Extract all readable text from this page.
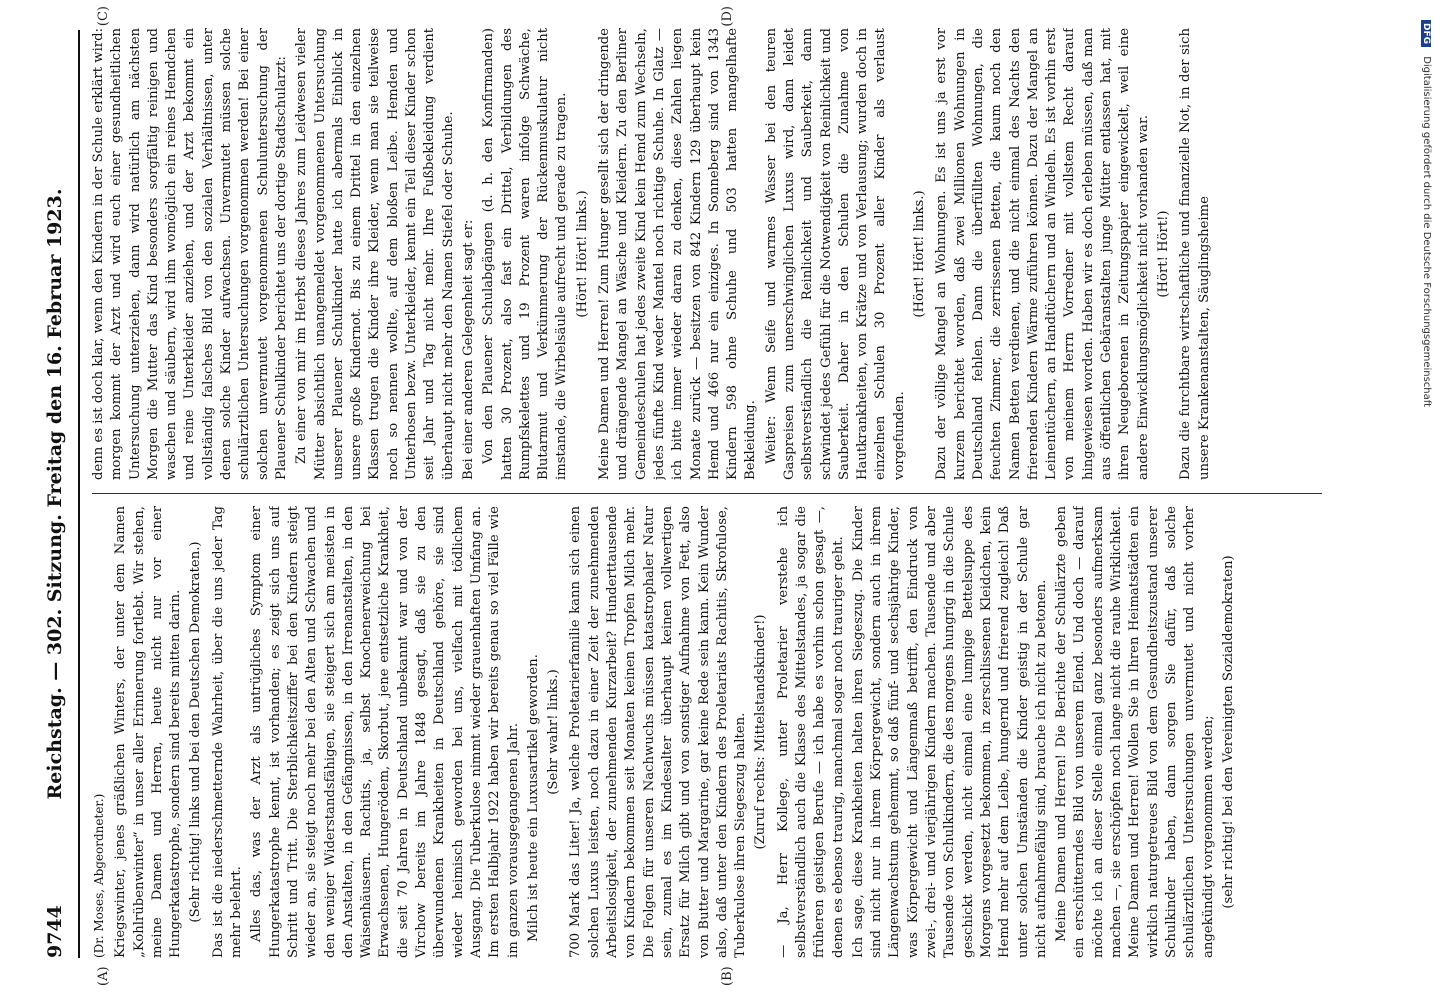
9744
Reichstag. — 302. Sitzung. Freitag den 16. Februar 1923.
(A)	(B)
(C)	(D)

(Dr. Moses, Abgeordneter.) Kriegswinter, jenes gräßlichen Winters, der unter dem Namen „Kohlrübenwinter“ in unser aller Erinnerung fortlebt. Wir stehen, meine Damen und Herren, heute nicht nur vor einer Hungerkatastrophe, sondern sind bereits mitten darin. (Sehr richtig! links und bei den Deutschen Demokraten.) Das ist die niederschmetternde Wahrheit, über die uns jeder Tag mehr belehrt. Alles das, was der Arzt als untrügliches Symptom einer Hungerkatastrophe kennt, ist vorhanden; es zeigt sich uns auf Schritt und Tritt. Die Sterblichkeitsziffer bei den Kindern steigt wieder an, sie steigt noch mehr bei den Alten und Schwachen und den weniger Widerstandsfähigen, sie steigert sich am meisten in den Anstalten, in den Gefängnissen, in den Irrenanstalten, in den Waisenhäusern. Rachitis, ja, selbst Knochenerweichung bei Erwachsenen, Hungerödem, Skorbut, jene entsetzliche Krankheit, die seit 70 Jahren in Deutschland unbekannt war und von der Virchow bereits im Jahre 1848 gesagt, daß sie zu den überwundenen Krankheiten in Deutschland gehöre, sie sind wieder heimisch geworden bei uns, vielfach mit tödlichem Ausgang. Die Tuberkulose nimmt wieder grauenhaften Umfang an. Im ersten Halbjahr 1922 haben wir bereits genau so viel Fälle wie im ganzen vorausgegangenen Jahr. Milch ist heute ein Luxusartikel geworden. (Sehr wahr! links.) 700 Mark das Liter! Ja, welche Proletarierfamilie kann sich einen solchen Luxus leisten, noch dazu in einer Zeit der zunehmenden Arbeitslosigkeit, der zunehmenden Kurzarbeit? Hunderttausende von Kindern bekommen seit Monaten keinen Tropfen Milch mehr. Die Folgen für unseren Nachwuchs müssen katastrophaler Natur sein, zumal es im Kindesalter überhaupt keinen vollwertigen Ersatz für Milch gibt und von sonstiger Aufnahme von Fett, also von Butter und Margarine, gar keine Rede sein kann. Kein Wunder also, daß unter den Kindern des Proletariats Rachitis, Skrofulose, Tuberkulose ihren Siegeszug halten. (Zuruf rechts: Mittelstandskinder!) — Ja, Herr Kollege, unter Proletarier verstehe ich selbstverständlich auch die Klasse des Mittelstandes, ja sogar die früheren geistigen Berufe — ich habe es vorhin schon gesagt —, denen es ebenso traurig, manchmal sogar noch trauriger geht. Ich sage, diese Krankheiten halten ihren Siegeszug. Die Kinder sind nicht nur in ihrem Körpergewicht, sondern auch in ihrem Längenwachstum gehemmt, so daß fünf- und sechsjährige Kinder, was Körpergewicht und Längenmaß betrifft, den Eindruck von zwei-, drei- und vierjährigen Kindern machen. Tausende und aber Tausende von Schulkindern, die des morgens hungrig in die Schule geschickt werden, nicht einmal eine lumpige Bettelsuppe des Morgens vorgesetzt bekommen, in zerschlissenen Kleidchen, kein Hemd mehr auf dem Leibe, hungernd und frierend zugleich! Daß unter solchen Umständen die Kinder geistig in der Schule gar nicht aufnahmefähig sind, brauche ich nicht zu betonen. Meine Damen und Herren! Die Berichte der Schulärzte geben ein erschütterndes Bild von unserem Elend. Und doch — darauf möchte ich an dieser Stelle einmal ganz besonders aufmerksam machen —, sie erschöpfen noch lange nicht die rauhe Wirklichkeit. Meine Damen und Herren! Wollen Sie in Ihren Heimatstädten ein wirklich naturgetreues Bild von dem Gesundheitszustand unserer Schulkinder haben, dann sorgen Sie dafür, daß solche schulärztlichen Untersuchungen unvermutet und nicht vorher angekündigt vorgenommen werden; (sehr richtig! bei den Vereinigten Sozialdemokraten)

denn es ist doch klar, wenn den Kindern in der Schule erklärt wird: morgen kommt der Arzt und wird euch einer gesundheitlichen Untersuchung unterziehen, dann wird natürlich am nächsten Morgen die Mutter das Kind besonders sorgfältig reinigen und waschen und säubern, wird ihm womöglich ein reines Hemdchen und reine Unterkleider anziehen, und der Arzt bekommt ein vollständig falsches Bild von den sozialen Verhältnissen, unter denen solche Kinder aufwachsen. Unvermutet müssen solche schulärztlichen Untersuchungen vorgenommen werden! Bei einer solchen unvermutet vorgenommenen Schuluntersuchung der Plauener Schulkinder berichtet uns der dortige Stadtschularzt: Zu einer von mir im Herbst dieses Jahres zum Leidwesen vieler Mütter absichtlich unangemeldet vorgenommenen Untersuchung unserer Plauener Schulkinder hatte ich abermals Einblick in unsere große Kindernot. Bis zu einem Drittel in den einzelnen Klassen trugen die Kinder ihre Kleider, wenn man sie teilweise noch so nennen wollte, auf dem bloßen Leibe. Hemden und Unterhosen bezw. Unterkleider, kennt ein Teil dieser Kinder schon seit Jahr und Tag nicht mehr. Ihre Fußbekleidung verdient überhaupt nicht mehr den Namen Stiefel oder Schuhe. Bei einer anderen Gelegenheit sagt er: Von den Plauener Schulabgängen (d. h. den Konfirmanden) hatten 30 Prozent, also fast ein Drittel, Verbildungen des Rumpfskelettes und 19 Prozent waren infolge Schwäche, Blutarmut und Verkümmerung der Rückenmuskulatur nicht imstande, die Wirbelsäule aufrecht und gerade zu tragen. (Hört! Hört! links.) Meine Damen und Herren! Zum Hunger gesellt sich der dringende und drängende Mangel an Wäsche und Kleidern. Zu den Berliner Gemeindeschulen hat jedes zweite Kind kein Hemd zum Wechseln, jedes fünfte Kind weder Mantel noch richtige Schuhe. In Glatz — ich bitte immer wieder daran zu denken, diese Zahlen liegen Monate zurück — besitzen von 842 Kindern 129 überhaupt kein Hemd und 466 nur ein einziges. In Sonneberg sind von 1343 Kindern 598 ohne Schuhe und 503 hatten mangelhafte Bekleidung. Weiter: Wenn Seife und warmes Wasser bei den teuren Gaspreisen zum unerschwinglichen Luxus wird, dann leidet selbstverständlich die Reinlichkeit und Sauberkeit, dann schwindet jedes Gefühl für die Notwendigkeit von Reinlichkeit und Sauberkeit. Daher in den Schulen die Zunahme von Hautkrankheiten, von Krätze und von Verlausung; wurden doch in einzelnen Schulen 30 Prozent aller Kinder als verlaust vorgefunden.

(Hört! Hört! links.) Dazu der völlige Mangel an Wohnungen. Es ist uns ja erst vor kurzem berichtet worden, daß zwei Millionen Wohnungen in Deutschland fehlen. Dann die überfüllten Wohnungen, die feuchten Zimmer, die zerrissenen Betten, die kaum noch den Namen Betten verdienen, und die nicht einmal des Nachts den frierenden Kindern Wärme zuführen können. Dazu der Mangel an Leinentüchern, an Handtüchern und an Windeln. Es ist vorhin erst von meinem Herrn Vorredner mit vollstem Recht darauf hingewiesen worden. Haben wir es doch erleben müssen, daß man aus öffentlichen Gebäranstalten junge Mütter entlassen hat, mit ihren Neugeborenen in Zeitungspapier eingewickelt, weil eine andere Einwicklungsmöglichkeit nicht vorhanden war. (Hört! Hört!) Dazu die furchtbare wirtschaftliche und finanzielle Not, in der sich unsere Krankenanstalten, Säuglingsheime

DFG Digitalisierung gefördert durch die Deutsche Forschungsgemeinschaft
